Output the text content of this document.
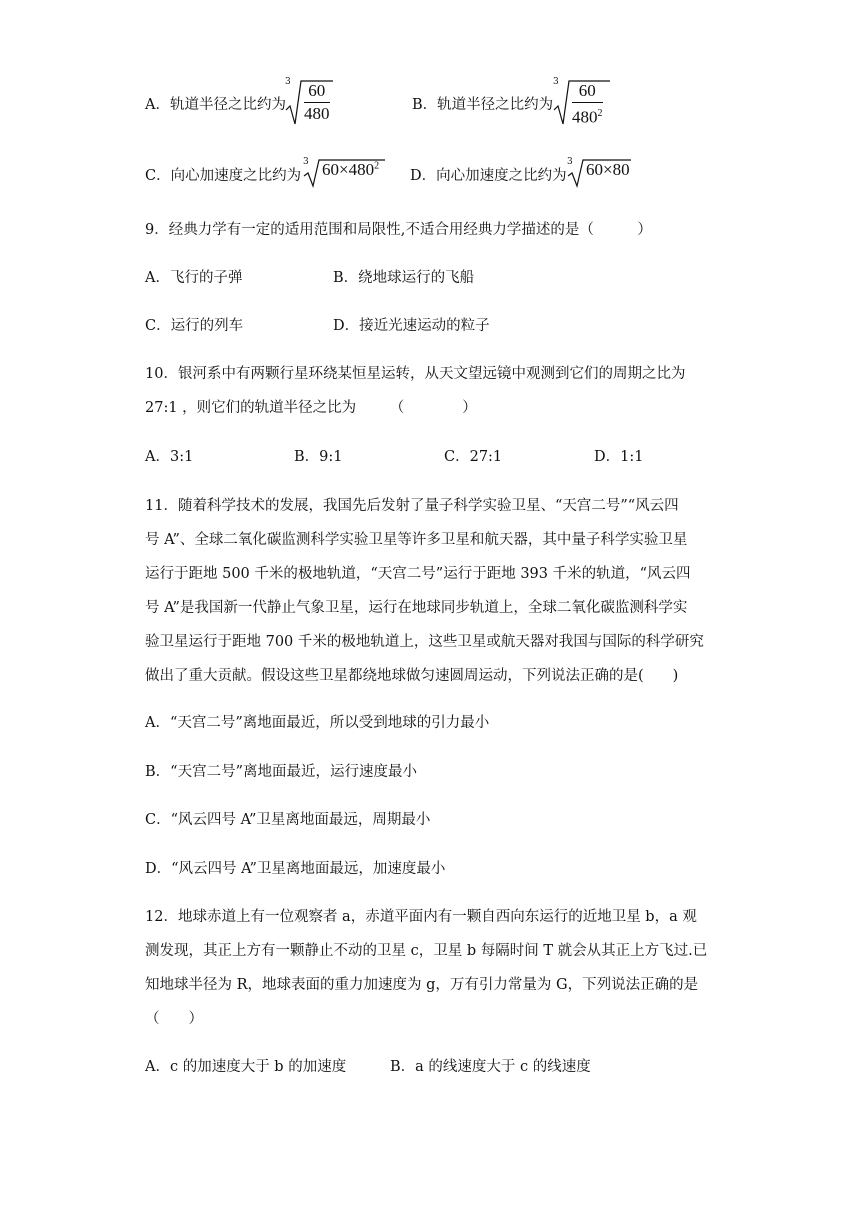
A．轨道半径之比约为
3 60
480	B．轨道半径之比约为
3 60
$480^2$
C．向心加速度之比约为
3 $60\times 480^2$
D．向心加速度之比约为
3 60×80
9．经典力学有一定的适用范围和局限性,不适合用经典力学描述的是（　　　）
A．飞行的子弹	B．绕地球运行的飞船
C．运行的列车	D．接近光速运动的粒子
10．银河系中有两颗行星环绕某恒星运转，从天文望远镜中观测到它们的周期之比为
27:1 ，则它们的轨道半径之比为　　 （　　　　）
A．3:1	B．9:1	C．27:1	D．1:1
11．随着科学技术的发展，我国先后发射了量子科学实验卫星、“天宫二号”“风云四
号 A”、全球二氧化碳监测科学实验卫星等许多卫星和航天器，其中量子科学实验卫星
运行于距地 500 千米的极地轨道，“天宫二号”运行于距地 393 千米的轨道，“风云四
号 A”是我国新一代静止气象卫星，运行在地球同步轨道上，全球二氧化碳监测科学实
验卫星运行于距地 700 千米的极地轨道上，这些卫星或航天器对我国与国际的科学研究
做出了重大贡献。假设这些卫星都绕地球做匀速圆周运动，下列说法正确的是(　　)
A．“天宫二号”离地面最近，所以受到地球的引力最小
B．“天宫二号”离地面最近，运行速度最小
C．“风云四号 A”卫星离地面最远，周期最小
D．“风云四号 A”卫星离地面最远，加速度最小
12．地球赤道上有一位观察者 a，赤道平面内有一颗自西向东运行的近地卫星 b，a 观
测发现，其正上方有一颗静止不动的卫星 c，卫星 b 每隔时间 T 就会从其正上方飞过.已
知地球半径为 R，地球表面的重力加速度为 g，万有引力常量为 G，下列说法正确的是
（　　）
A．c 的加速度大于 b 的加速度	B．a 的线速度大于 c 的线速度
